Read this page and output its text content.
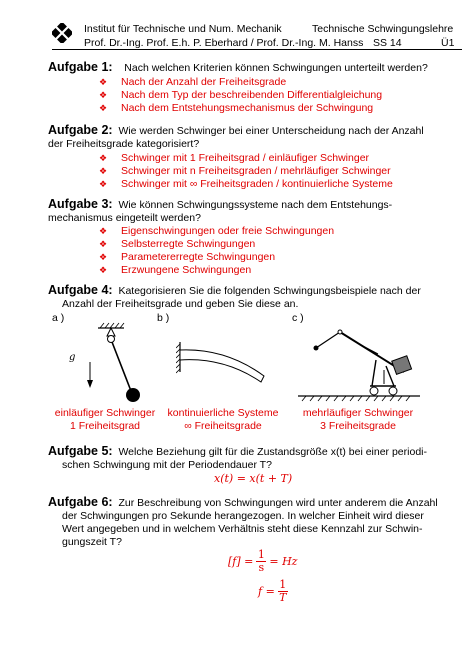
Institut für Technische und Num. Mechanik	Technische Schwingungslehre
Prof. Dr.-Ing. Prof. E.h. P. Eberhard / Prof. Dr.-Ing. M. Hanss SS 14	Ü1
Aufgabe 1: Nach welchen Kriterien können Schwingungen unterteilt werden?
❖ Nach der Anzahl der Freiheitsgrade
❖ Nach dem Typ der beschreibenden Differentialgleichung
❖ Nach dem Entstehungsmechanismus der Schwingung
Aufgabe 2: Wie werden Schwinger bei einer Unterscheidung nach der Anzahl
der Freiheitsgrade kategorisiert?
❖ Schwinger mit 1 Freiheitsgrad / einläufiger Schwinger
❖ Schwinger mit n Freiheitsgraden / mehrläufiger Schwinger
❖ Schwinger mit ∞ Freiheitsgraden / kontinuierliche Systeme
Aufgabe 3: Wie können Schwingungssysteme nach dem Entstehungs-
mechanismus eingeteilt werden?
❖ Eigenschwingungen oder freie Schwingungen
❖ Selbsterregte Schwingungen
❖ Parametererregte Schwingungen
❖ Erzwungene Schwingungen
Aufgabe 4: Kategorisieren Sie die folgenden Schwingungsbeispiele nach der
Anzahl der Freiheitsgrade und geben Sie diese an.
a )	b )	c )
g
einläufiger Schwinger
1 Freiheitsgrad
kontinuierliche Systeme
∞ Freiheitsgrade
mehrläufiger Schwinger
3 Freiheitsgrade
Aufgabe 5: Welche Beziehung gilt für die Zustandsgröße x(t) bei einer periodi-
schen Schwingung mit der Periodendauer T?
x(t) = x(t + T)
Aufgabe 6: Zur Beschreibung von Schwingungen wird unter anderem die Anzahl
der Schwingungen pro Sekunde herangezogen. In welcher Einheit wird dieser
Wert angegeben und in welchem Verhältnis steht diese Kennzahl zur Schwin-
gungszeit T?
[f] =
1
s = Hz
f =
1
T
